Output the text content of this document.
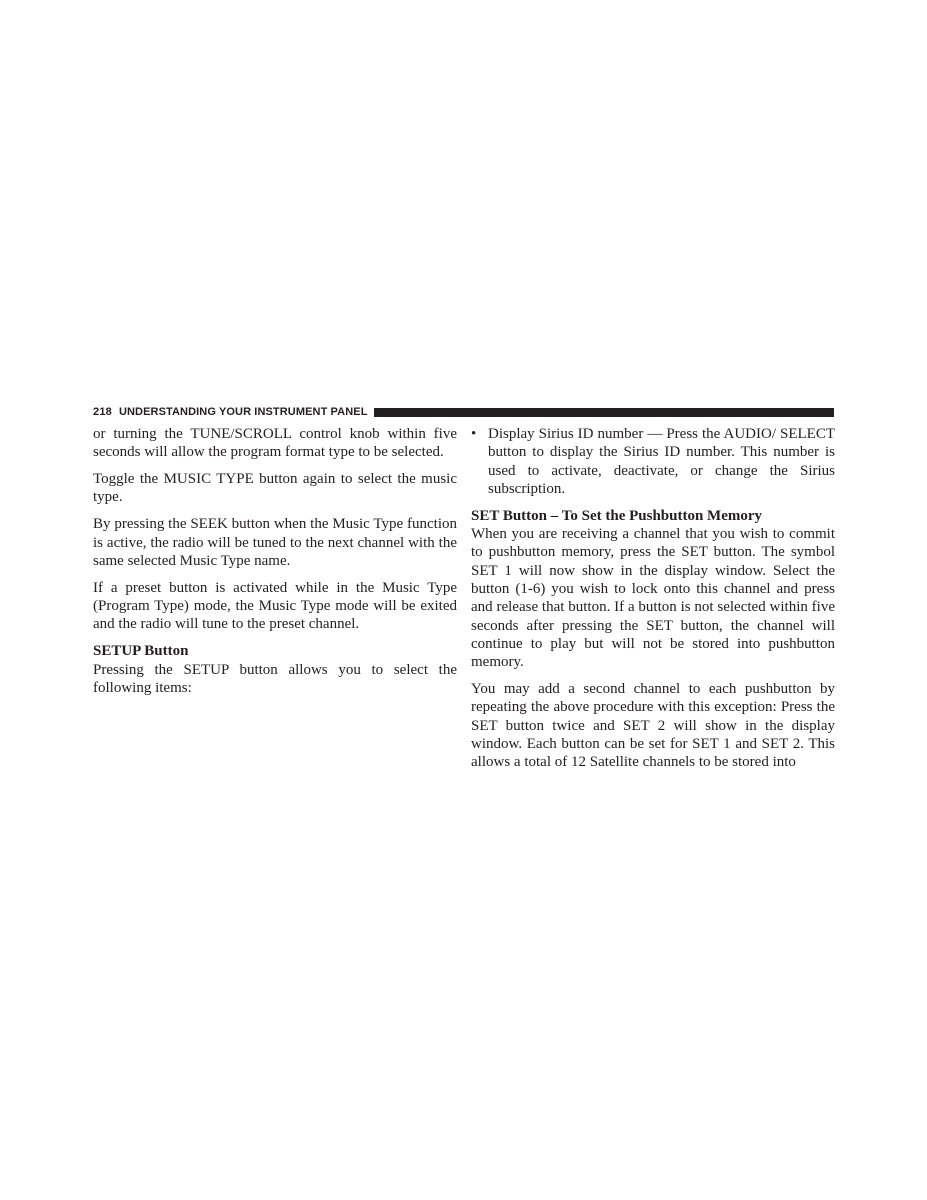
218 UNDERSTANDING YOUR INSTRUMENT PANEL

or turning the TUNE/SCROLL control knob within five seconds will allow the program format type to be selected.

Toggle the MUSIC TYPE button again to select the music type.

By pressing the SEEK button when the Music Type function is active, the radio will be tuned to the next channel with the same selected Music Type name.

If a preset button is activated while in the Music Type (Program Type) mode, the Music Type mode will be exited and the radio will tune to the preset channel.

SETUP Button

Pressing the SETUP button allows you to select the following items:

• Display Sirius ID number — Press the AUDIO/ SELECT button to display the Sirius ID number. This number is used to activate, deactivate, or change the Sirius subscription.

SET Button – To Set the Pushbutton Memory

When you are receiving a channel that you wish to commit to pushbutton memory, press the SET button. The symbol SET 1 will now show in the display window. Select the button (1-6) you wish to lock onto this channel and press and release that button. If a button is not selected within five seconds after pressing the SET button, the channel will continue to play but will not be stored into pushbutton memory.

You may add a second channel to each pushbutton by repeating the above procedure with this exception: Press the SET button twice and SET 2 will show in the display window. Each button can be set for SET 1 and SET 2. This allows a total of 12 Satellite channels to be stored into
